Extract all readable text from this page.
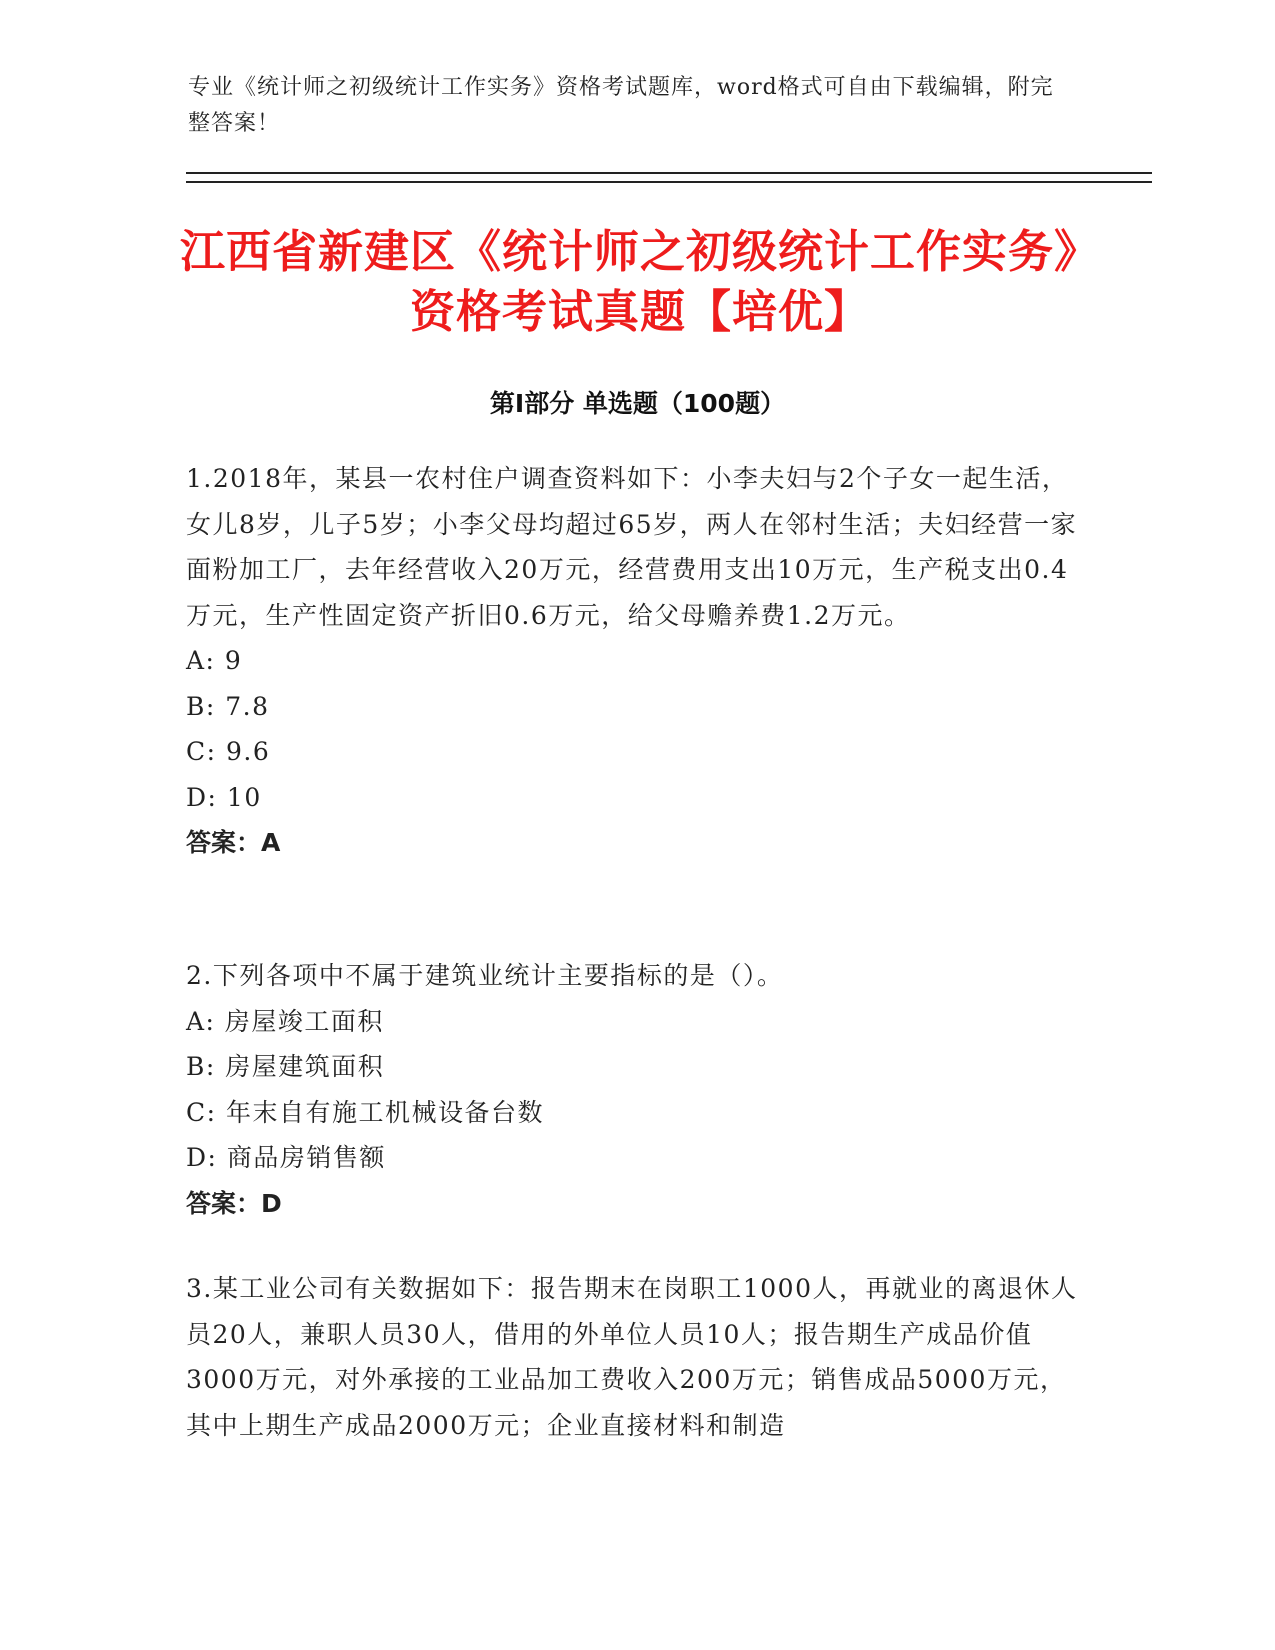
专业《统计师之初级统计工作实务》资格考试题库，word格式可自由下载编辑，附完整答案！
江西省新建区《统计师之初级统计工作实务》资格考试真题【培优】
第I部分 单选题（100题）

1.2018年，某县一农村住户调查资料如下：小李夫妇与2个子女一起生活，女儿8岁，儿子5岁；小李父母均超过65岁，两人在邻村生活；夫妇经营一家面粉加工厂，去年经营收入20万元，经营费用支出10万元，生产税支出0.4万元，生产性固定资产折旧0.6万元，给父母赡养费1.2万元。

A: 9

B: 7.8

C: 9.6

D: 10

答案：A

2.下列各项中不属于建筑业统计主要指标的是（）。

A: 房屋竣工面积

B: 房屋建筑面积

C: 年末自有施工机械设备台数

D: 商品房销售额

答案：D

3.某工业公司有关数据如下：报告期末在岗职工1000人，再就业的离退休人员20人，兼职人员30人，借用的外单位人员10人；报告期生产成品价值3000万元，对外承接的工业品加工费收入200万元；销售成品5000万元，其中上期生产成品2000万元；企业直接材料和制造
